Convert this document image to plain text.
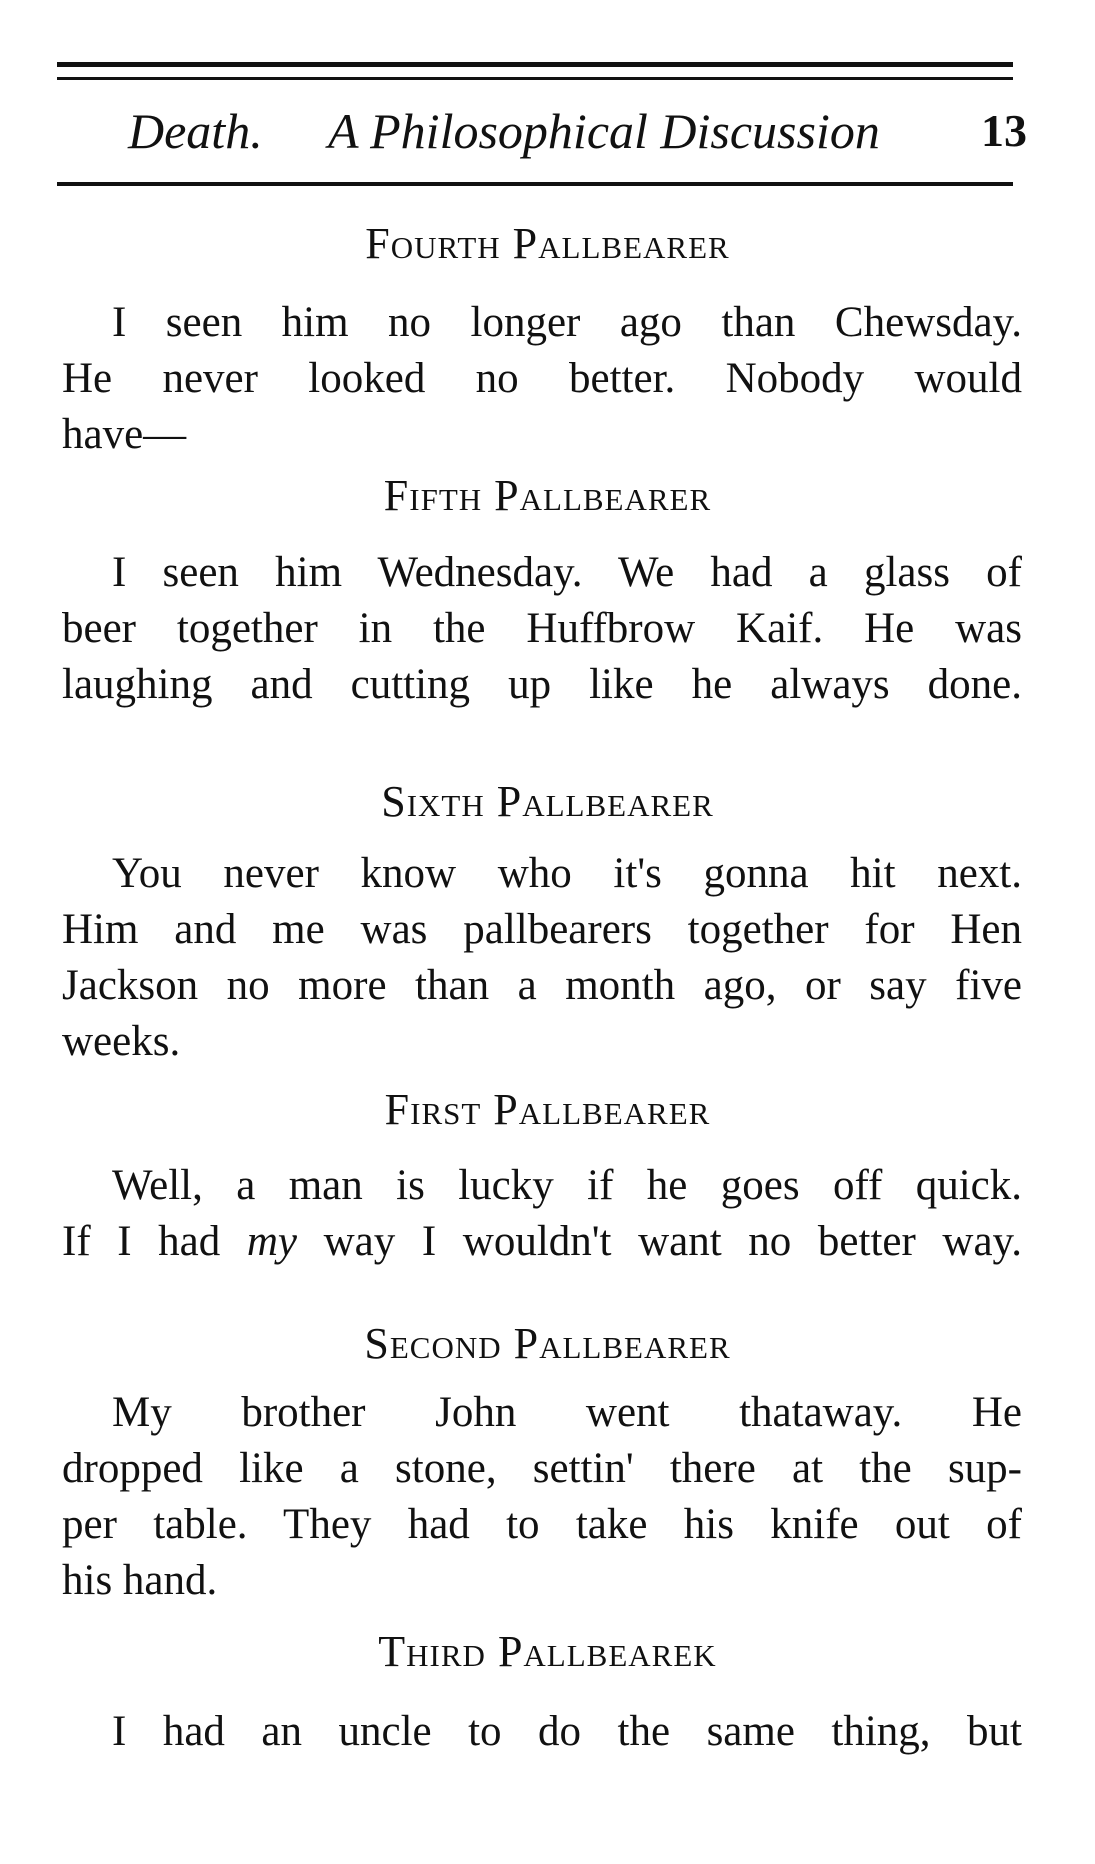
Death. A Philosophical Discussion 13
Fourth Pallbearer
I seen him no longer ago than Chewsday.
He never looked no better. Nobody would
have—
Fifth Pallbearer
I seen him Wednesday. We had a glass of
beer together in the Huffbrow Kaif. He was
laughing and cutting up like he always done.
Sixth Pallbearer
You never know who it's gonna hit next.
Him and me was pallbearers together for Hen
Jackson no more than a month ago, or say five
weeks.
First Pallbearer
Well, a man is lucky if he goes off quick.
If I had my way I wouldn't want no better way.
Second Pallbearer
My brother John went thataway. He
dropped like a stone, settin' there at the sup-
per table. They had to take his knife out of
his hand.
Third Pallbearek
I had an uncle to do the same thing, but
